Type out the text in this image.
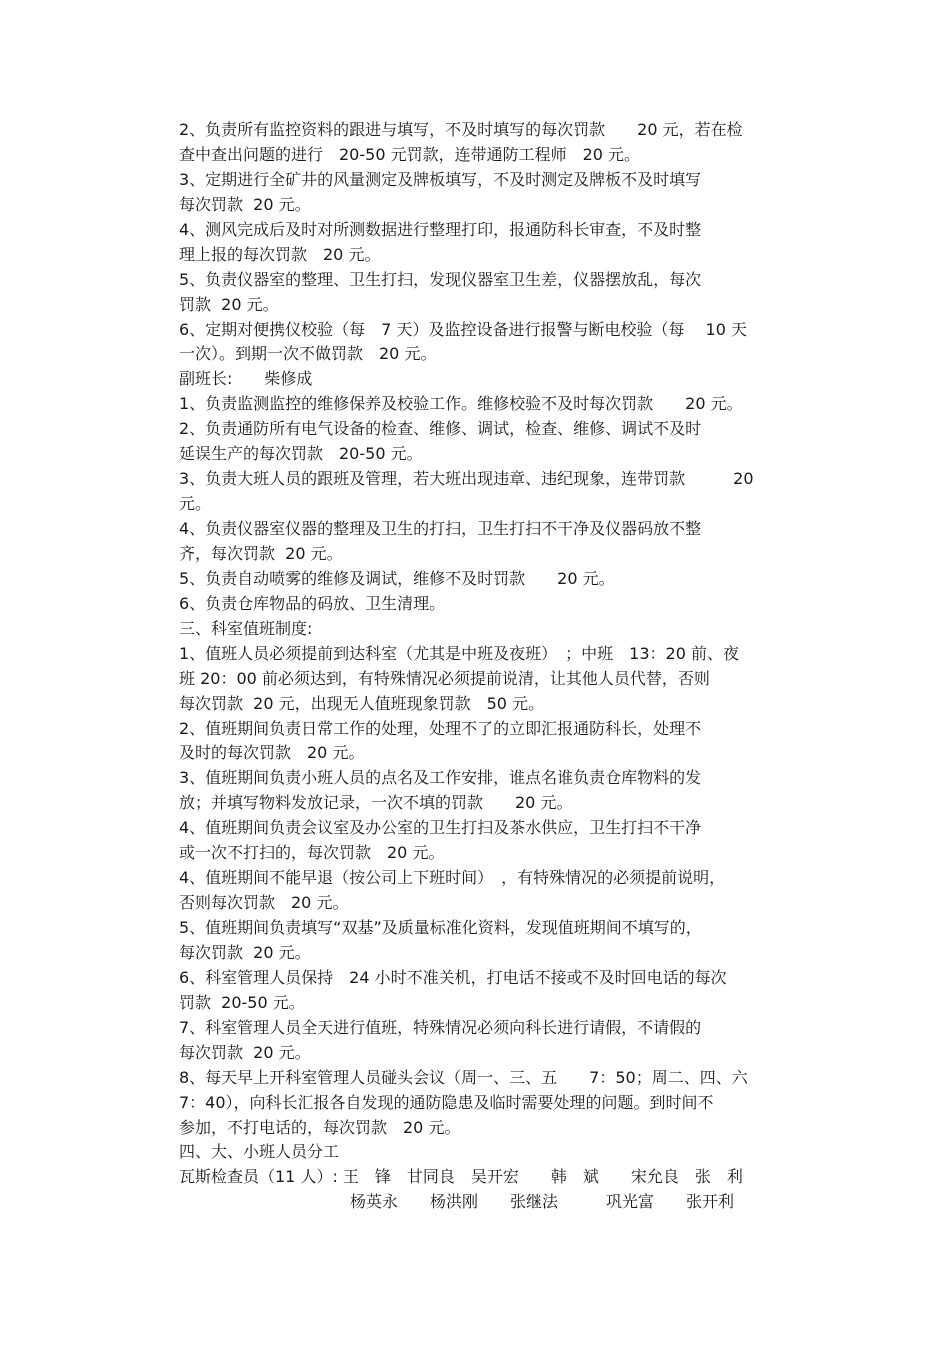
2、负责所有监控资料的跟进与填写，不及时填写的每次罚款　　20 元，若在检
查中查出问题的进行　20-50 元罚款，连带通防工程师　20 元。
3、定期进行全矿井的风量测定及牌板填写，不及时测定及牌板不及时填写
每次罚款  20 元。
4、测风完成后及时对所测数据进行整理打印，报通防科长审查，不及时整
理上报的每次罚款　20 元。
5、负责仪器室的整理、卫生打扫，发现仪器室卫生差，仪器摆放乱，每次
罚款  20 元。
6、定期对便携仪校验（每　7 天）及监控设备进行报警与断电校验（每　 10 天
一次）。到期一次不做罚款　20 元。
副班长:　　柴修成
1、负责监测监控的维修保养及校验工作。维修校验不及时每次罚款　　20 元。
2、负责通防所有电气设备的检查、维修、调试，检查、维修、调试不及时
延误生产的每次罚款　20-50 元。
3、负责大班人员的跟班及管理，若大班出现违章、违纪现象，连带罚款　　　20
元。
4、负责仪器室仪器的整理及卫生的打扫，卫生打扫不干净及仪器码放不整
齐，每次罚款  20 元。
5、负责自动喷雾的维修及调试，维修不及时罚款　　20 元。
6、负责仓库物品的码放、卫生清理。
三、科室值班制度:
1、值班人员必须提前到达科室（尤其是中班及夜班）　；中班　13：20 前、夜
班 20：00 前必须达到，有特殊情况必须提前说清，让其他人员代替，否则
每次罚款  20 元，出现无人值班现象罚款　50 元。
2、值班期间负责日常工作的处理，处理不了的立即汇报通防科长，处理不
及时的每次罚款　20 元。
3、值班期间负责小班人员的点名及工作安排，谁点名谁负责仓库物料的发
放；并填写物料发放记录，一次不填的罚款　　20 元。
4、值班期间负责会议室及办公室的卫生打扫及茶水供应，卫生打扫不干净
或一次不打扫的，每次罚款　20 元。
4、值班期间不能早退（按公司上下班时间）　，有特殊情况的必须提前说明，
否则每次罚款　20 元。
5、值班期间负责填写“双基”及质量标准化资料，发现值班期间不填写的，
每次罚款  20 元。
6、科室管理人员保持　24 小时不准关机，打电话不接或不及时回电话的每次
罚款  20-50 元。
7、科室管理人员全天进行值班，特殊情况必须向科长进行请假，不请假的
每次罚款  20 元。
8、每天早上开科室管理人员碰头会议（周一、三、五　　7：50；周二、四、六
7：40），向科长汇报各自发现的通防隐患及临时需要处理的问题。到时间不
参加，不打电话的，每次罚款　20 元。
四、大、小班人员分工
瓦斯检查员（11 人）: 王　锋　甘同良　吴开宏　　韩　斌　　宋允良　张　利
杨英永　　杨洪刚　　张继法　　　巩光富　　张开利
